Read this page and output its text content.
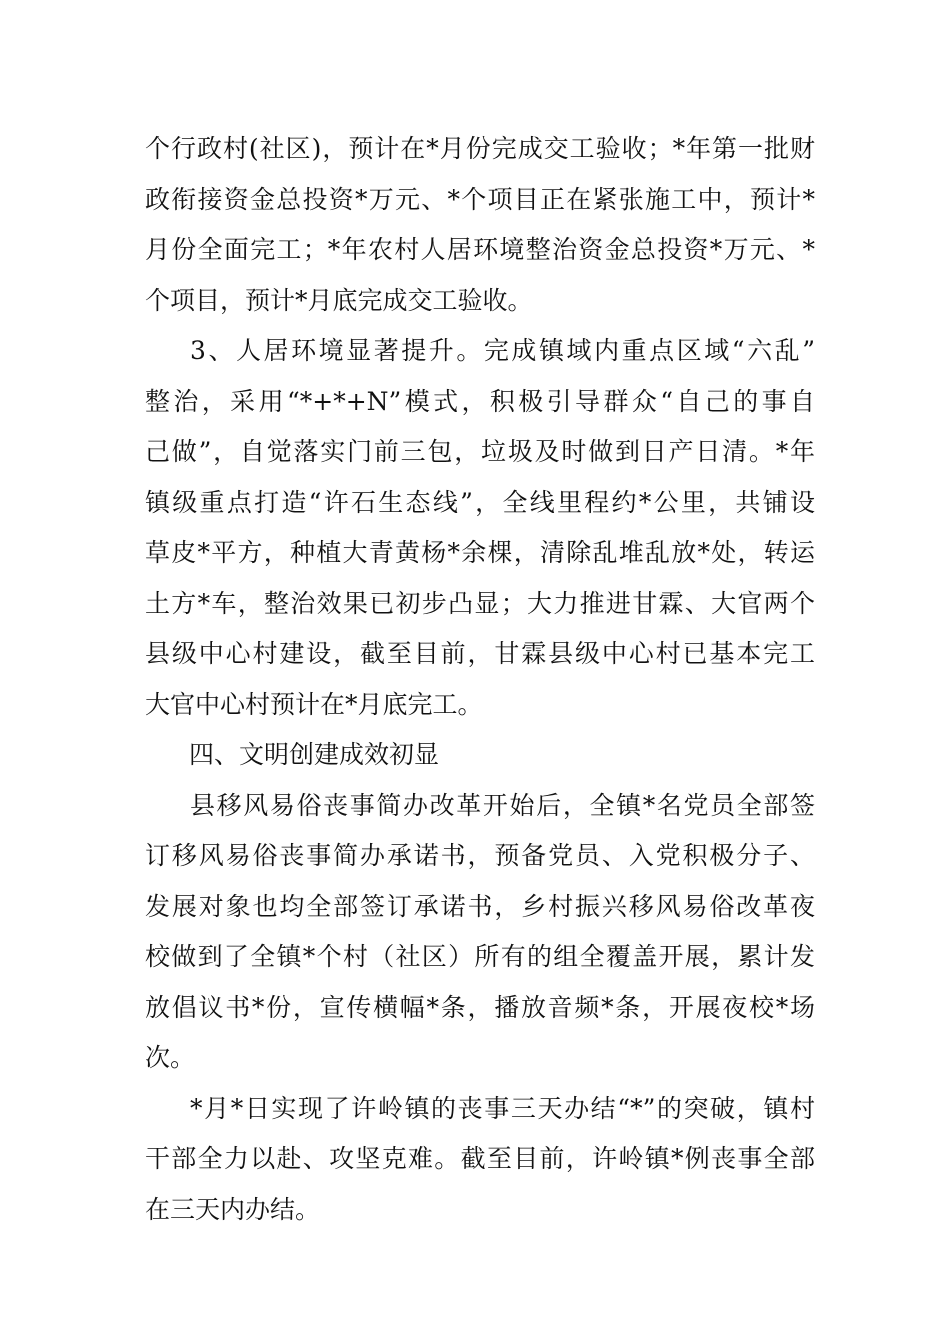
个行政村(社区)，预计在*月份完成交工验收；*年第一批财
政衔接资金总投资*万元、*个项目正在紧张施工中，预计*
月份全面完工；*年农村人居环境整治资金总投资*万元、*
个项目，预计*月底完成交工验收。
3、人居环境显著提升。完成镇域内重点区域“六乱”
整治，采用“*+*+N”模式，积极引导群众“自己的事自
己做”，自觉落实门前三包，垃圾及时做到日产日清。*年
镇级重点打造“许石生态线”，全线里程约*公里，共铺设
草皮*平方，种植大青黄杨*余棵，清除乱堆乱放*处，转运
土方*车，整治效果已初步凸显；大力推进甘霖、大官两个
县级中心村建设，截至目前，甘霖县级中心村已基本完工
大官中心村预计在*月底完工。
四、文明创建成效初显
县移风易俗丧事简办改革开始后，全镇*名党员全部签
订移风易俗丧事简办承诺书，预备党员、入党积极分子、
发展对象也均全部签订承诺书，乡村振兴移风易俗改革夜
校做到了全镇*个村（社区）所有的组全覆盖开展，累计发
放倡议书*份，宣传横幅*条，播放音频*条，开展夜校*场
次。
*月*日实现了许岭镇的丧事三天办结“*”的突破，镇村
干部全力以赴、攻坚克难。截至目前，许岭镇*例丧事全部
在三天内办结。
